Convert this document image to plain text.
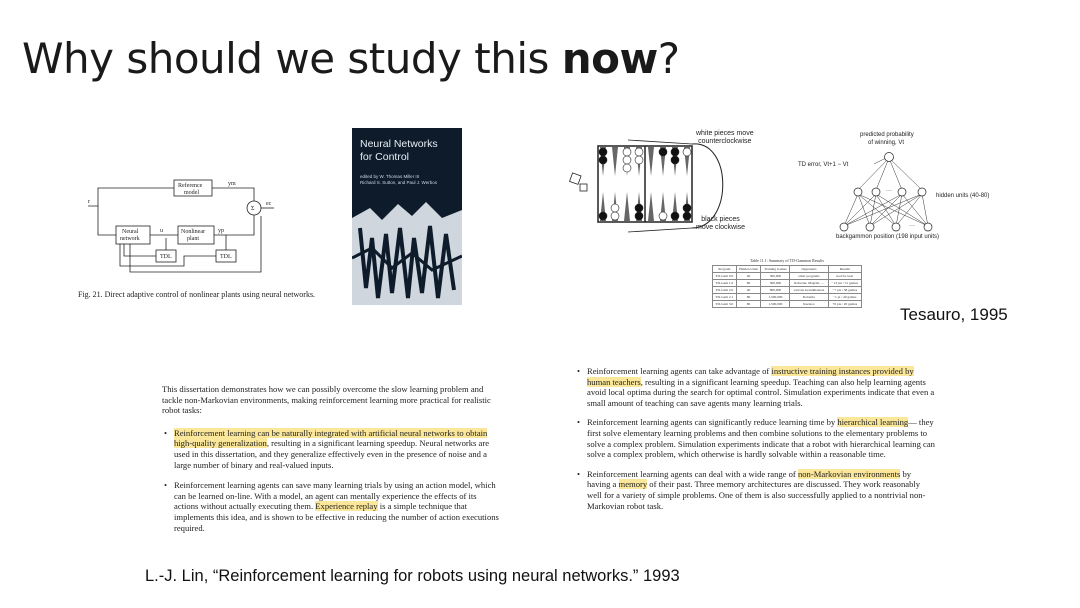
Why should we study this now?
Reference
model
Neural
network
Nonlinear
plant
TDL	TDL
Σ
r
u
ym
yp
ec
Fig. 21. Direct adaptive control of nonlinear plants using neural networks.
Neural Networks
for Control
edited by W. Thomas Miller III
Richard S. Sutton, and Paul J. Werbos
white pieces move
counterclockwise
black pieces
move clockwise
···
···
predicted probability
of winning, Vt
TD error, Vt+1 − Vt
hidden units (40-80)
backgammon position (198 input units)
Table 11.1: Summary of TD-Gammon Results
Program	Hidden Units	Training Games	Opponents	Results
TD-Gam 0.0	40	300,000	other programs	tied for best
TD-Gam 1.0	80	300,000	Robertie, Magriel, ...	−13 pts / 51 games
TD-Gam 2.0	40	800,000	various Grandmasters	−7 pts / 38 games
TD-Gam 2.1	80	1,500,000	Robertie	−1 pt / 40 games
TD-Gam 3.0	80	1,500,000	Kazaros	+6 pts / 20 games
Tesauro, 1995

This dissertation demonstrates how we can possibly overcome the slow learning problem and tackle non-Markovian environments, making reinforcement learning more practical for realistic robot tasks:

• Reinforcement learning can be naturally integrated with artificial neural networks to obtain high-quality generalization, resulting in a significant learning speedup. Neural networks are used in this dissertation, and they generalize effectively even in the presence of noise and a large number of binary and real-valued inputs.
• Reinforcement learning agents can save many learning trials by using an action model, which can be learned on-line. With a model, an agent can mentally experience the effects of its actions without actually executing them. Experience replay is a simple technique that implements this idea, and is shown to be effective in reducing the number of action executions required.
• Reinforcement learning agents can take advantage of instructive training instances provided by human teachers, resulting in a significant learning speedup. Teaching can also help learning agents avoid local optima during the search for optimal control. Simulation experiments indicate that even a small amount of teaching can save agents many learning trials.
• Reinforcement learning agents can significantly reduce learning time by hierarchical learning— they first solve elementary learning problems and then combine solutions to the elementary problems to solve a complex problem. Simulation experiments indicate that a robot with hierarchical learning can solve a complex problem, which otherwise is hardly solvable within a reasonable time.
• Reinforcement learning agents can deal with a wide range of non-Markovian environments by having a memory of their past. Three memory architectures are discussed. They work reasonably well for a variety of simple problems. One of them is also successfully applied to a nontrivial non-Markovian robot task.
L.-J. Lin, “Reinforcement learning for robots using neural networks.” 1993
